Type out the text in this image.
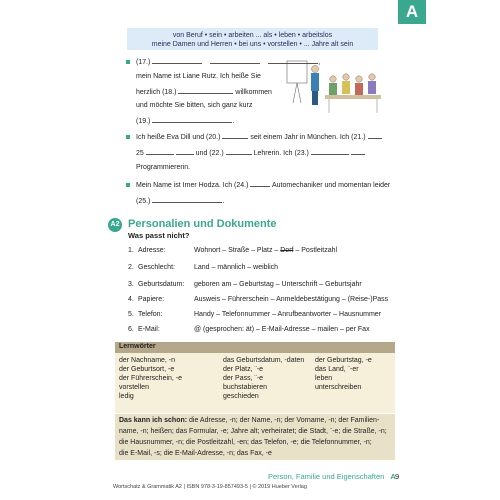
A
von Beruf • sein • arbeiten ... als • leben • arbeitslos
meine Damen und Herren • bei uns • vorstellen • ... Jahre alt sein
(17.)	,
mein Name ist Liane Rutz. Ich heiße Sie
herzlich (18.)	willkommen
und möchte Sie bitten, sich ganz kurz
(19.)	.
Ich heiße Eva Dill und (20.)	seit einem Jahr in München. Ich (21.)
25	und (22.)	Lehrerin. Ich (23.)
Programmiererin.
Mein Name ist Imer Hodza. Ich (24.)	Automechaniker und momentan leider
(25.)	.
A2 Personalien und Dokumente
Was passt nicht?
1. Adresse:	Wohnort – Straße – Platz – Dorf – Postleitzahl
2. Geschlecht:	Land – männlich – weiblich
3. Geburtsdatum: geboren am – Geburtstag – Unterschrift – Geburtsjahr
4. Papiere:	Ausweis – Führerschein – Anmeldebestätigung – (Reise-)Pass
5. Telefon:	Handy – Telefonnummer – Anrufbeantworter – Hausnummer
6. E-Mail:	@ (gesprochen: ät) – E-Mail-Adresse – mailen – per Fax
Lernwörter
der Nachname, -n
der Geburtsort, -e
der Führerschein, -e
vorstellen
ledig
das Geburtsdatum, -daten
der Platz, ¨-e
der Pass, ¨-e
buchstabieren
geschieden
der Geburtstag, -e
das Land, ¨-er
leben
unterschreiben
Das kann ich schon: die Adresse, -n; der Name, -n; der Vorname, -n; der Familien-
name, -n; heißen; das Formular, -e; Jahre alt; verheiratet; die Stadt, ¨-e; die Straße, -n;
die Hausnummer, -n; die Postleitzahl, -en; das Telefon, -e; die Telefonnummer, -n;
die E-Mail, -s; die E-Mail-Adresse, -n; das Fax, -e
Person, Familie und Eigenschaften A 9
Wortschatz & Grammatik A2 | ISBN 978-3-19-857493-5 | © 2019 Hueber Verlag
